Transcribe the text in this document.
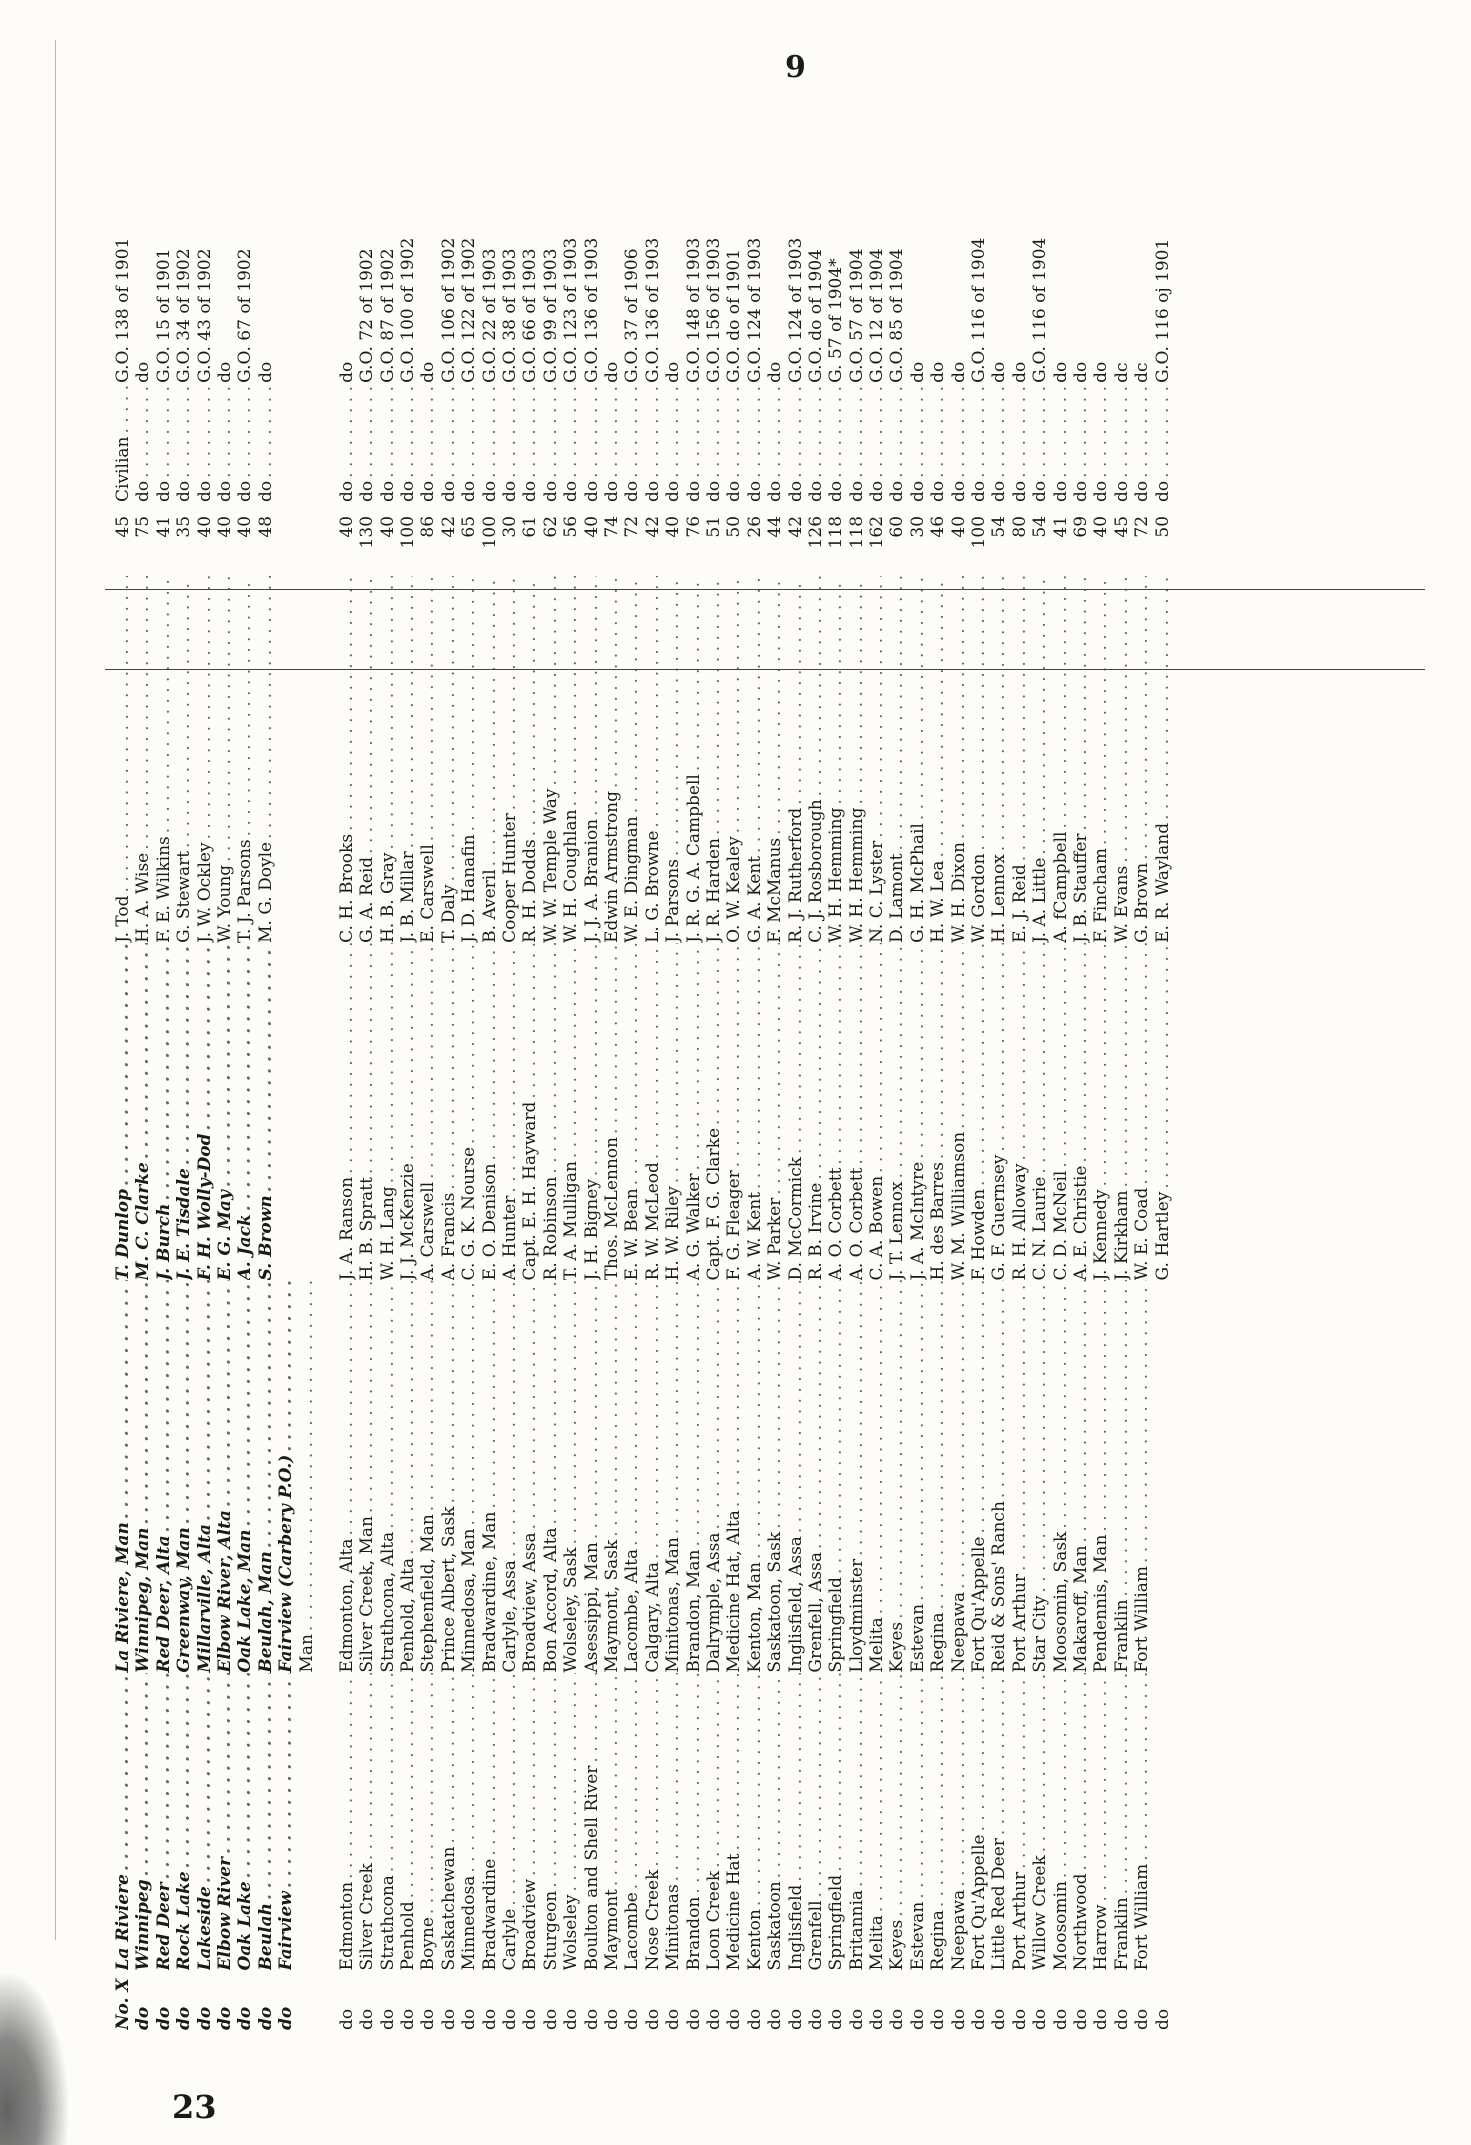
9
No. X
La Riviere . . .
La Riviere, Man . . .
T. Dunlop . . .
J. Tod . . .
45
Civilian . . .
G.O. 138 of 1901
do
Winnipeg . . .
Winnipeg, Man . . .
M. C. Clarke . . .
H. A. Wise . . .
75
do . . .
do
do
Red Deer . . .
Red Deer, Alta . . .
J. Burch . . .
F. E. Wilkins . . .
41
do . . .
G.O. 15 of 1901
do
Rock Lake . . .
Greenway, Man . . .
J. E. Tisdale . . .
G. Stewart . . .
35
do . . .
G.O. 34 of 1902
do
Lakeside . . .
Millarville, Alta . . .
F. H. Wolly-Dod . . .
J. W. Ockley . . .
40
do . . .
G.O. 43 of 1902
do
Elbow River . . .
Elbow River, Alta . . .
E. G. May . . .
W. Young . . .
40
do . . .
do
do
Oak Lake . . .
Oak Lake, Man . . .
A. Jack . . .
T. J. Parsons . . .
40
do . . .
G.O. 67 of 1902
do
Beulah . . .
Beulah, Man . . .
S. Brown . . .
M. G. Doyle . . .
48
do . . .
do
do
Fairview . . .
Fairview (Carbery P.O.) . . . Man . . .
do
Edmonton . . .
Edmonton, Alta . . .
J. A. Ranson . . .
C. H. Brooks . . .
40
do . . .
do
do
Silver Creek . . .
Silver Creek, Man . . .
H. B. Spratt . . .
G. A. Reid . . .
130
do . . .
G.O. 72 of 1902
do
Strathcona . . .
Strathcona, Alta . . .
W. H. Lang . . .
H. B. Gray . . .
40
do . . .
G.O. 87 of 1902
do
Penhold . . .
Penhold, Alta . . .
J. J. McKenzie . . .
J. B. Millar . . .
100
do . . .
G.O. 100 of 1902
do
Boyne . . .
Stephenfield, Man . . .
A. Carswell . . .
E. Carswell . . .
86
do . . .
do
do
Saskatchewan . . .
Prince Albert, Sask . . .
A. Francis . . .
T. Daly . . .
42
do . . .
G.O. 106 of 1902
do
Minnedosa . . .
Minnedosa, Man . . .
C. G. K. Nourse . . .
J. D. Hanafin . . .
65
do . . .
G.O. 122 of 1902
do
Bradwardine . . .
Bradwardine, Man . . .
E. O. Denison . . .
B. Averil . . .
100
do . . .
G.O. 22 of 1903
do
Carlyle . . .
Carlyle, Assa . . .
A. Hunter . . .
Cooper Hunter . . .
30
do . . .
G.O. 38 of 1903
do
Broadview . . .
Broadview, Assa . . .
Capt. E. H. Hayward . . .
R. H. Dodds . . .
61
do . . .
G.O. 66 of 1903
do
Sturgeon . . .
Bon Accord, Alta . . .
R. Robinson . . .
W. W. Temple Way . . .
62
do . . .
G.O. 99 of 1903
do
Wolseley . . .
Wolseley, Sask . . .
T. A. Mulligan . . .
W. H. Coughlan . . .
56
do . . .
G.O. 123 of 1903
do
Boulton and Shell River . . .
Asessippi, Man . . .
J. H. Bigney . . .
J. J. A. Branion . . .
40
do . . .
G.O. 136 of 1903
do
Maymont . . .
Maymont, Sask . . .
Thos. McLennon . . .
Edwin Armstrong . . .
74
do . . .
do
do
Lacombe . . .
Lacombe, Alta . . .
E. W. Bean . . .
W. E. Dingman . . .
72
do . . .
G.O. 37 of 1906
do
Nose Creek . . .
Calgary, Alta . . .
R. W. McLeod . . .
L. G. Browne . . .
42
do . . .
G.O. 136 of 1903
do
Minitonas . . .
Minitonas, Man . . .
H. W. Riley . . .
J. Parsons . . .
40
do . . .
do
do
Brandon . . .
Brandon, Man . . .
A. G. Walker . . .
J. R. G. A. Campbell . . .
76
do . . .
G.O. 148 of 1903
do
Loon Creek . . .
Dalrymple, Assa . . .
Capt. F. G. Clarke . . .
J. R. Harden . . .
51
do . . .
G.O. 156 of 1903
do
Medicine Hat . . .
Medicine Hat, Alta . . .
F. G. Fleager . . .
O. W. Kealey . . .
50
do . . .
G.O. do of 1901
do
Kenton . . .
Kenton, Man . . .
A. W. Kent . . .
G. A. Kent . . .
26
do . . .
G.O. 124 of 1903
do
Saskatoon . . .
Saskatoon, Sask . . .
W. Parker . . .
F. McManus . . .
44
do . . .
do
do
Inglisfield . . .
Inglisfield, Assa . . .
D. McCormick . . .
R. J. Rutherford . . .
42
do . . .
G.O. 124 of 1903
do
Grenfell . . .
Grenfell, Assa . . .
R. B. Irvine . . .
C. J. Rosborough . . .
126
do . . .
G.O. do of 1904
do
Springfield . . .
Springfield . . .
A. O. Corbett . . .
W. H. Hemming . . .
118
do . . .
G. 57 of 1904*
do
Britannia . . .
Lloydminster . . .
A. O. Corbett . . .
W. H. Hemming . . .
118
do . . .
G.O. 57 of 1904
do
Melita . . .
Melita . . .
C. A. Bowen . . .
N. C. Lyster . . .
162
do . . .
G.O. 12 of 1904
do
Keyes . . .
Keyes . . .
J. T. Lennox . . .
D. Lamont . . .
60
do . . .
G.O. 85 of 1904
do
Estevan . . .
Estevan . . .
J. A. McIntyre . . .
G. H. McPhail . . .
30
do . . .
do
do
Regina . . .
Regina . . .
H. des Barres . . .
H. W. Lea . . .
46
do . . .
do
do
Neepawa . . .
Neepawa . . .
W. M. Williamson . . .
W. H. Dixon . . .
40
do . . .
do
do
Fort Qu'Appelle . . .
Fort Qu'Appelle . . .
F. Howden . . .
W. Gordon . . .
100
do . . .
G.O. 116 of 1904
do
Little Red Deer . . .
Reid & Sons' Ranch . . .
G. F. Guernsey . . .
H. Lennox . . .
54
do . . .
do
do
Port Arthur . . .
Port Arthur . . .
R. H. Alloway . . .
E. J. Reid . . .
80
do . . .
do
do
Willow Creek . . .
Star City . . .
C. N. Laurie . . .
J. A. Little . . .
54
do . . .
G.O. 116 of 1904
do
Moosomin . . .
Moosomin, Sask . . .
C. D. McNeil . . .
A. fCampbell . . .
41
do . . .
do
do
Northwood . . .
Makaroff, Man . . .
A. E. Christie . . .
J. B. Stauffer . . .
69
do . . .
do
do
Harrow . . .
Pendennis, Man . . .
J. Kennedy . . .
F. Fincham . . .
40
do . . .
do
do
Franklin . . .
Franklin . . .
J. Kirkham . . .
W. Evans . . .
45
do . . .
dc
do
Fort William . . .
Fort William . . .
W. E. Coad . . .
G. Brown . . .
72
do . . .
dc
do
G. Hartley . . .
E. R. Wayland . . .
50
do . . .
G.O. 116 oj 1901
23
